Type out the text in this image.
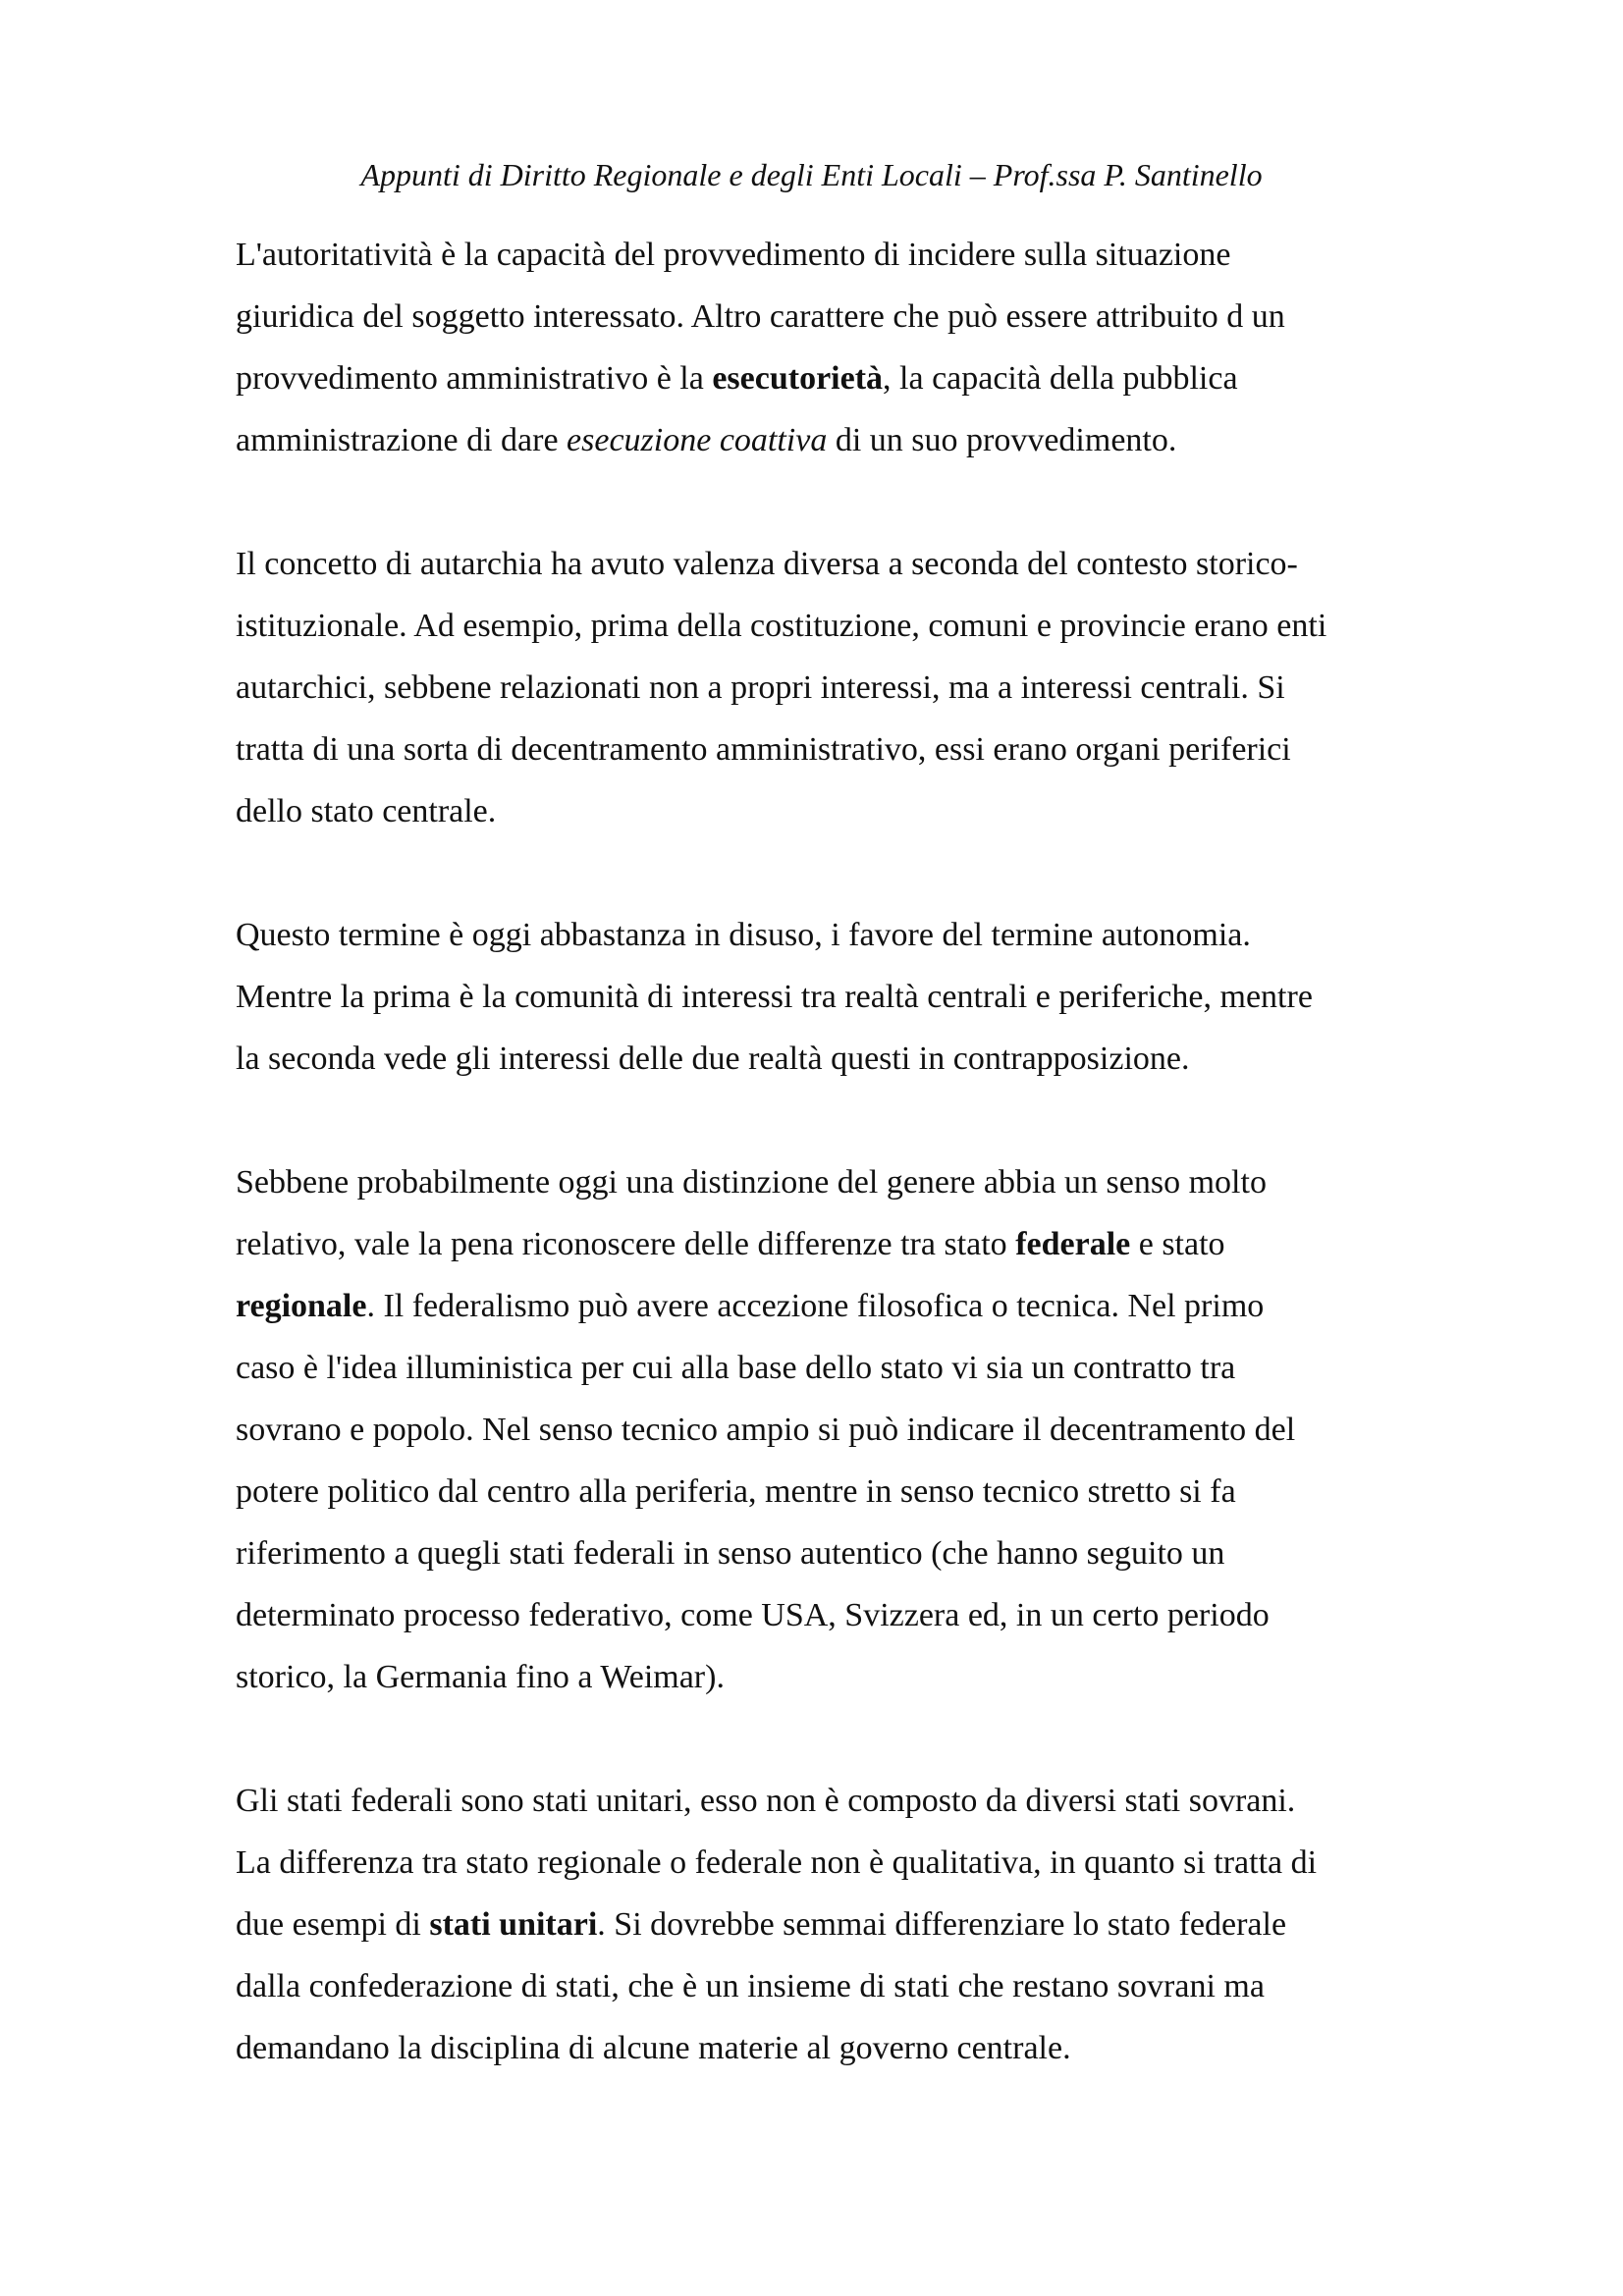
Appunti di Diritto Regionale e degli Enti Locali – Prof.ssa P. Santinello

L'autoritatività è la capacità del provvedimento di incidere sulla situazione
giuridica del soggetto interessato. Altro carattere che può essere attribuito d un
provvedimento amministrativo è la esecutorietà, la capacità della pubblica
amministrazione di dare esecuzione coattiva di un suo provvedimento.

Il concetto di autarchia ha avuto valenza diversa a seconda del contesto storico-
istituzionale. Ad esempio, prima della costituzione, comuni e provincie erano enti
autarchici, sebbene relazionati non a propri interessi, ma a interessi centrali. Si
tratta di una sorta di decentramento amministrativo, essi erano organi periferici
dello stato centrale.

Questo termine è oggi abbastanza in disuso, i favore del termine autonomia.
Mentre la prima è la comunità di interessi tra realtà centrali e periferiche, mentre
la seconda vede gli interessi delle due realtà questi in contrapposizione.

Sebbene probabilmente oggi una distinzione del genere abbia un senso molto
relativo, vale la pena riconoscere delle differenze tra stato federale e stato
regionale. Il federalismo può avere accezione filosofica o tecnica. Nel primo
caso è l'idea illuministica per cui alla base dello stato vi sia un contratto tra
sovrano e popolo. Nel senso tecnico ampio si può indicare il decentramento del
potere politico dal centro alla periferia, mentre in senso tecnico stretto si fa
riferimento a quegli stati federali in senso autentico (che hanno seguito un
determinato processo federativo, come USA, Svizzera ed, in un certo periodo
storico, la Germania fino a Weimar).

Gli stati federali sono stati unitari, esso non è composto da diversi stati sovrani.
La differenza tra stato regionale o federale non è qualitativa, in quanto si tratta di
due esempi di stati unitari. Si dovrebbe semmai differenziare lo stato federale
dalla confederazione di stati, che è un insieme di stati che restano sovrani ma
demandano la disciplina di alcune materie al governo centrale.
